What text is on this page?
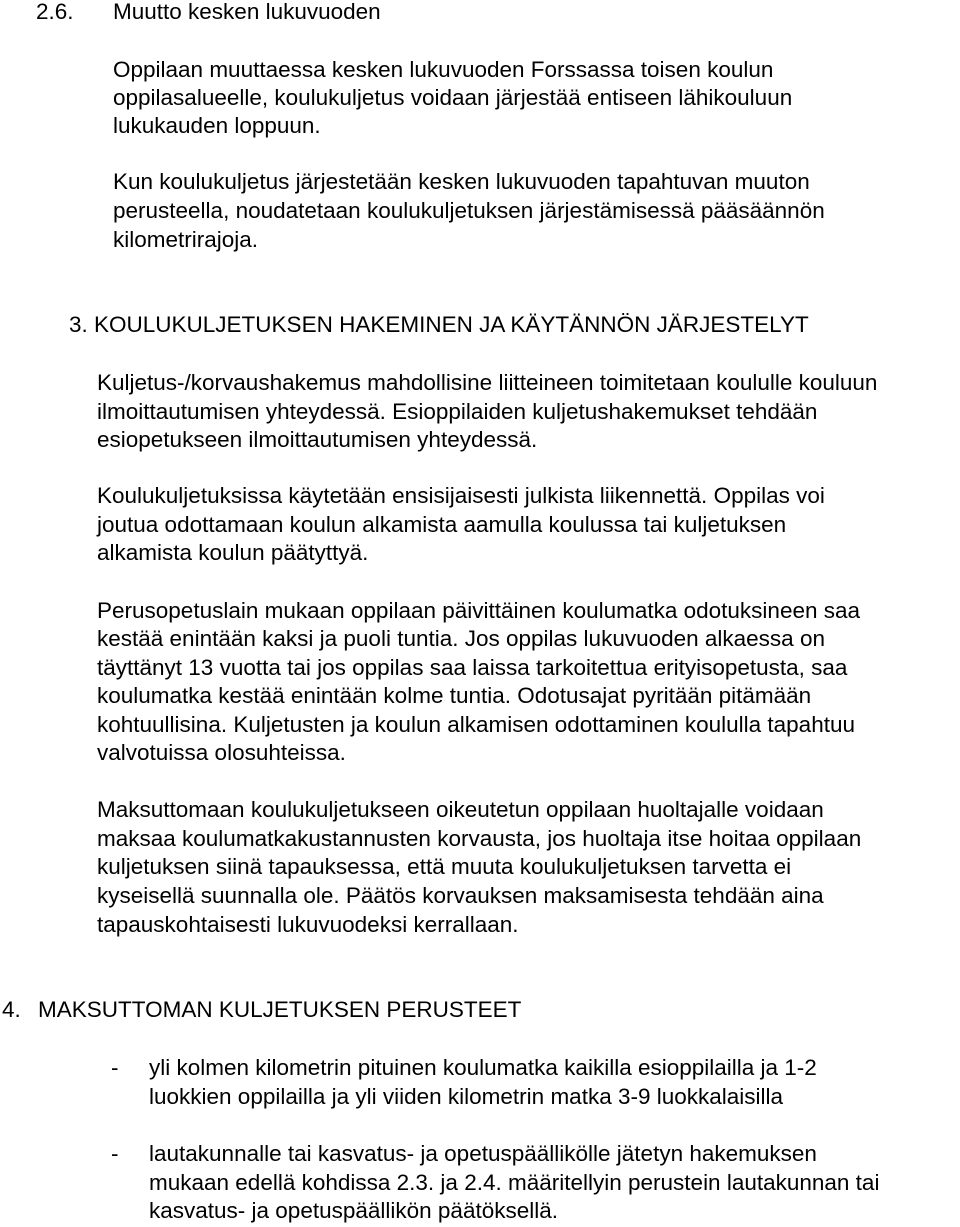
2.6. Muutto kesken lukuvuoden
Oppilaan muuttaessa kesken lukuvuoden Forssassa toisen koulun
oppilasalueelle, koulukuljetus voidaan järjestää entiseen lähikouluun
lukukauden loppuun.
Kun koulukuljetus järjestetään kesken lukuvuoden tapahtuvan muuton
perusteella, noudatetaan koulukuljetuksen järjestämisessä pääsäännön
kilometrirajoja.
3. KOULUKULJETUKSEN HAKEMINEN JA KÄYTÄNNÖN JÄRJESTELYT
Kuljetus-/korvaushakemus mahdollisine liitteineen toimitetaan koululle kouluun
ilmoittautumisen yhteydessä. Esioppilaiden kuljetushakemukset tehdään
esiopetukseen ilmoittautumisen yhteydessä.
Koulukuljetuksissa käytetään ensisijaisesti julkista liikennettä. Oppilas voi
joutua odottamaan koulun alkamista aamulla koulussa tai kuljetuksen
alkamista koulun päätyttyä.
Perusopetuslain mukaan oppilaan päivittäinen koulumatka odotuksineen saa
kestää enintään kaksi ja puoli tuntia. Jos oppilas lukuvuoden alkaessa on
täyttänyt 13 vuotta tai jos oppilas saa laissa tarkoitettua erityisopetusta, saa
koulumatka kestää enintään kolme tuntia. Odotusajat pyritään pitämään
kohtuullisina. Kuljetusten ja koulun alkamisen odottaminen koululla tapahtuu
valvotuissa olosuhteissa.
Maksuttomaan koulukuljetukseen oikeutetun oppilaan huoltajalle voidaan
maksaa koulumatkakustannusten korvausta, jos huoltaja itse hoitaa oppilaan
kuljetuksen siinä tapauksessa, että muuta koulukuljetuksen tarvetta ei
kyseisellä suunnalla ole. Päätös korvauksen maksamisesta tehdään aina
tapauskohtaisesti lukuvuodeksi kerrallaan.
4. MAKSUTTOMAN KULJETUKSEN PERUSTEET
- yli kolmen kilometrin pituinen koulumatka kaikilla esioppilailla ja 1-2
luokkien oppilailla ja yli viiden kilometrin matka 3-9 luokkalaisilla
- lautakunnalle tai kasvatus- ja opetuspäällikölle jätetyn hakemuksen
mukaan edellä kohdissa 2.3. ja 2.4. määritellyin perustein lautakunnan tai
kasvatus- ja opetuspäällikön päätöksellä.
